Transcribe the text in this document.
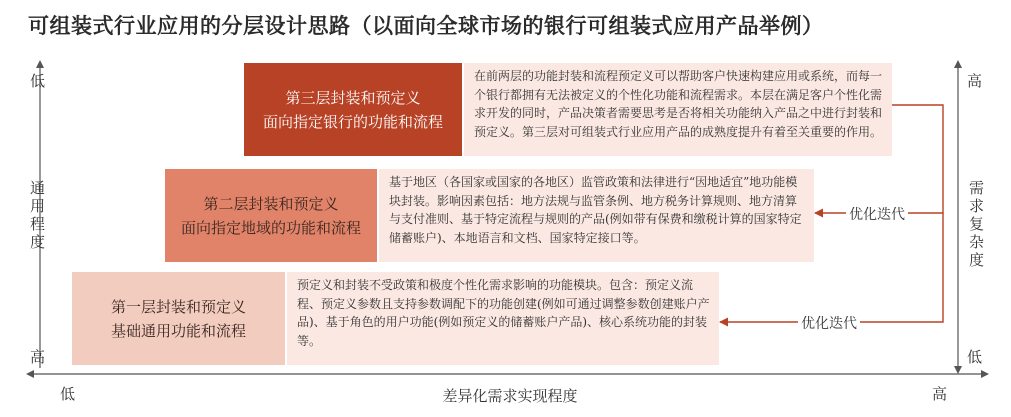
可组装式行业应用的分层设计思路（以面向全球市场的银行可组装式应用产品举例）
低
通用程度
高
高
需求复杂度
低
低	差异化需求实现程度	高
第三层封装和预定义
面向指定银行的功能和流程
在前两层的功能封装和流程预定义可以帮助客户快速构建应用或系统，而每一个银行都拥有无法被定义的个性化功能和流程需求。本层在满足客户个性化需求开发的同时，产品决策者需要思考是否将相关功能纳入产品之中进行封装和预定义。第三层对可组装式行业应用产品的成熟度提升有着至关重要的作用。
第二层封装和预定义
面向指定地域的功能和流程
基于地区（各国家或国家的各地区）监管政策和法律进行“因地适宜”地功能模块封装。影响因素包括：地方法规与监管条例、地方税务计算规则、地方清算与支付准则、基于特定流程与规则的产品(例如带有保费和缴税计算的国家特定储蓄账户)、本地语言和文档、国家特定接口等。
第一层封装和预定义
基础通用功能和流程
预定义和封装不受政策和极度个性化需求影响的功能模块。包含：预定义流程、预定义参数且支持参数调配下的功能创建(例如可通过调整参数创建账户产品)、基于角色的用户功能(例如预定义的储蓄账户产品)、核心系统功能的封装等。
优化迭代
优化迭代
